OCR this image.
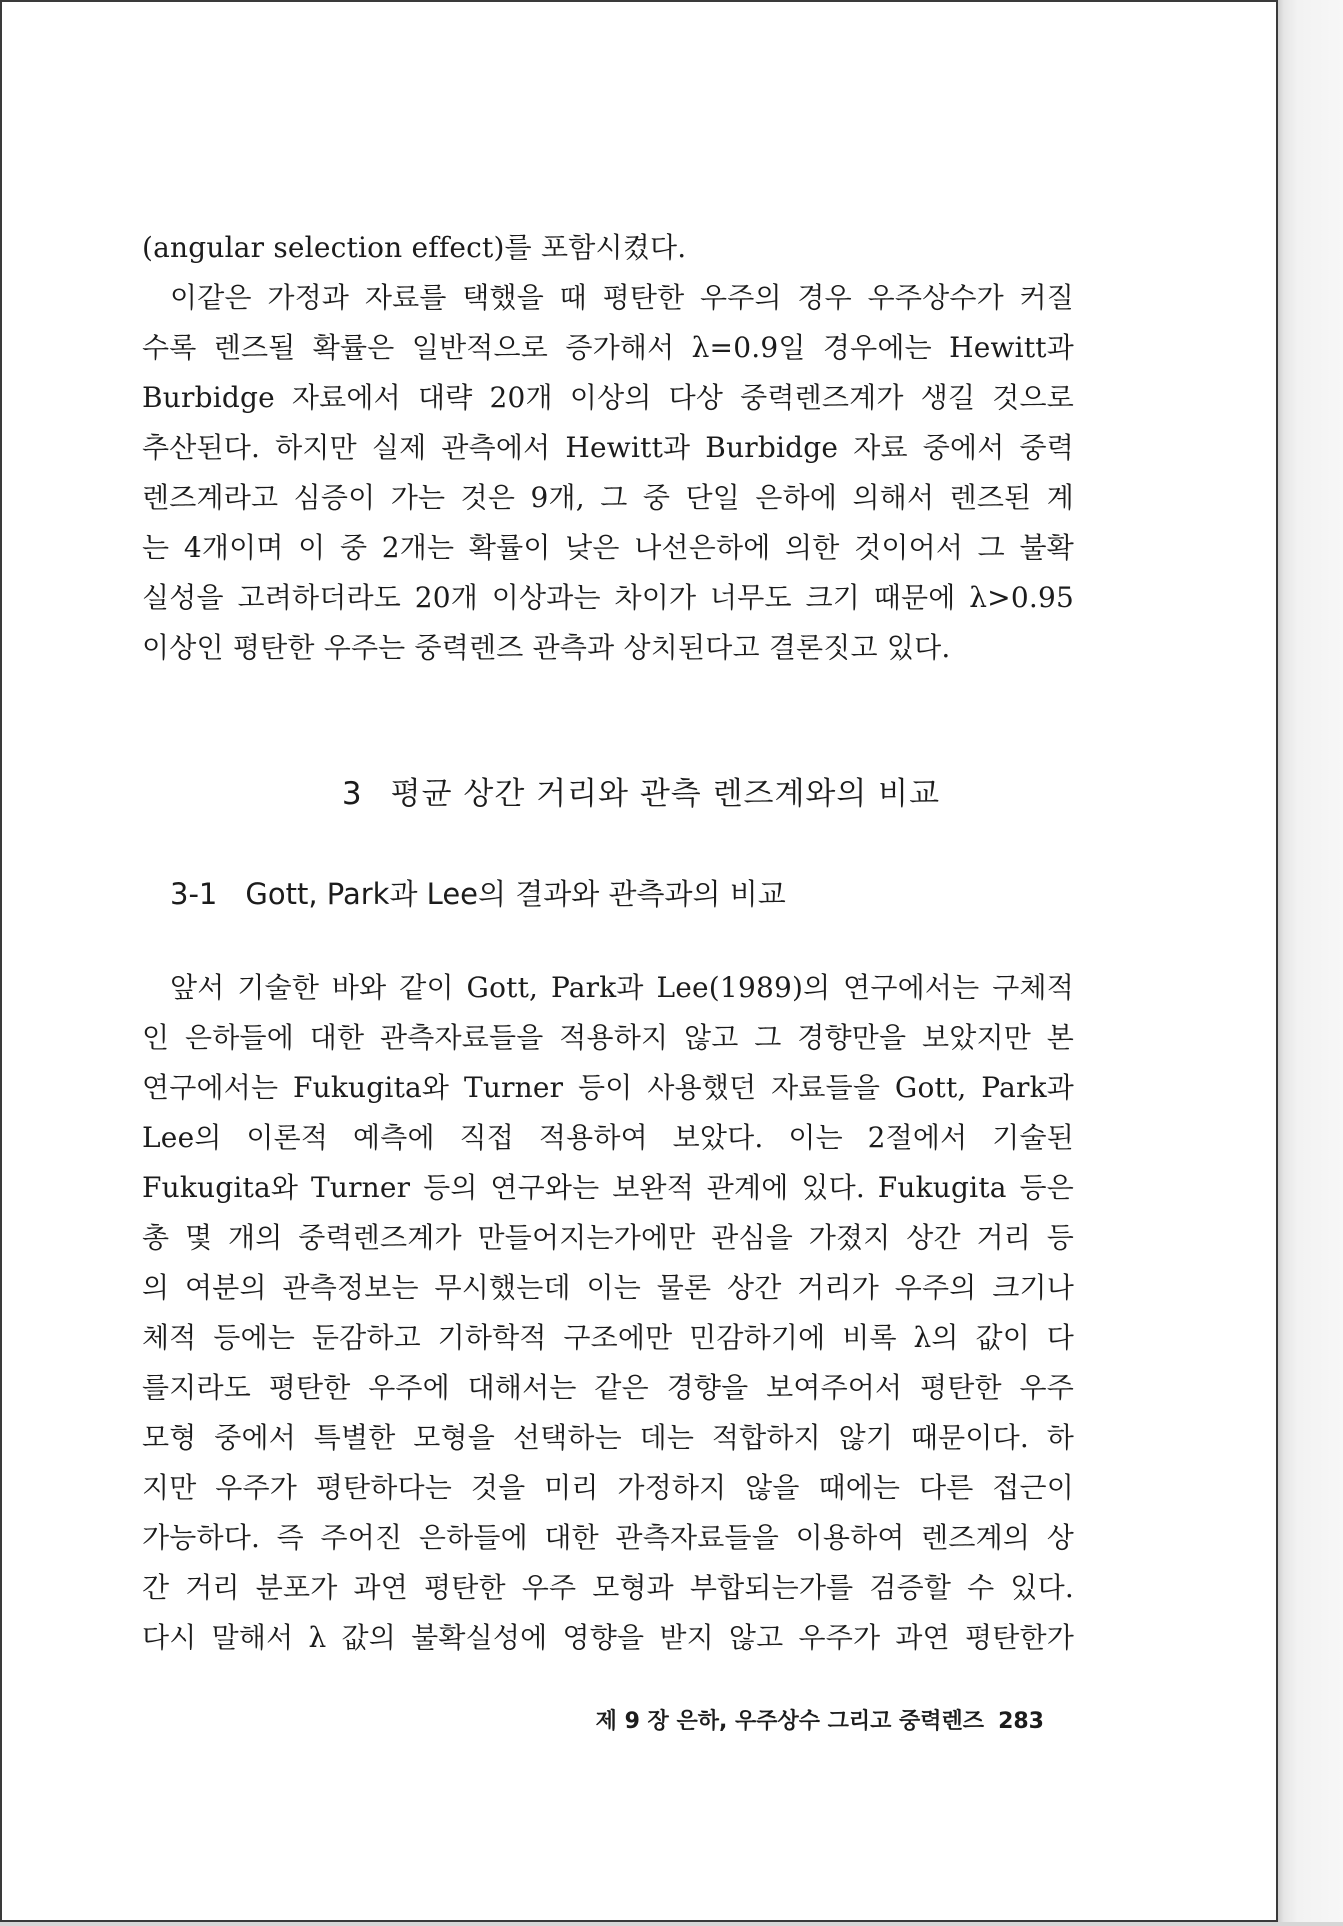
(angular selection effect)를 포함시켰다.
이같은 가정과 자료를 택했을 때 평탄한 우주의 경우 우주상수가 커질
수록 렌즈될 확률은 일반적으로 증가해서 λ=0.9일 경우에는 Hewitt과
Burbidge 자료에서 대략 20개 이상의 다상 중력렌즈계가 생길 것으로
추산된다. 하지만 실제 관측에서 Hewitt과 Burbidge 자료 중에서 중력
렌즈계라고 심증이 가는 것은 9개, 그 중 단일 은하에 의해서 렌즈된 계
는 4개이며 이 중 2개는 확률이 낮은 나선은하에 의한 것이어서 그 불확
실성을 고려하더라도 20개 이상과는 차이가 너무도 크기 때문에 λ>0.95
이상인 평탄한 우주는 중력렌즈 관측과 상치된다고 결론짓고 있다.
3 평균 상간 거리와 관측 렌즈계와의 비교
3-1 Gott, Park과 Lee의 결과와 관측과의 비교
앞서 기술한 바와 같이 Gott, Park과 Lee(1989)의 연구에서는 구체적
인 은하들에 대한 관측자료들을 적용하지 않고 그 경향만을 보았지만 본
연구에서는 Fukugita와 Turner 등이 사용했던 자료들을 Gott, Park과
Lee의 이론적 예측에 직접 적용하여 보았다. 이는 2절에서 기술된
Fukugita와 Turner 등의 연구와는 보완적 관계에 있다. Fukugita 등은
총 몇 개의 중력렌즈계가 만들어지는가에만 관심을 가졌지 상간 거리 등
의 여분의 관측정보는 무시했는데 이는 물론 상간 거리가 우주의 크기나
체적 등에는 둔감하고 기하학적 구조에만 민감하기에 비록 λ의 값이 다
를지라도 평탄한 우주에 대해서는 같은 경향을 보여주어서 평탄한 우주
모형 중에서 특별한 모형을 선택하는 데는 적합하지 않기 때문이다. 하
지만 우주가 평탄하다는 것을 미리 가정하지 않을 때에는 다른 접근이
가능하다. 즉 주어진 은하들에 대한 관측자료들을 이용하여 렌즈계의 상
간 거리 분포가 과연 평탄한 우주 모형과 부합되는가를 검증할 수 있다.
다시 말해서 λ 값의 불확실성에 영향을 받지 않고 우주가 과연 평탄한가
제 9 장 은하, 우주상수 그리고 중력렌즈 283
